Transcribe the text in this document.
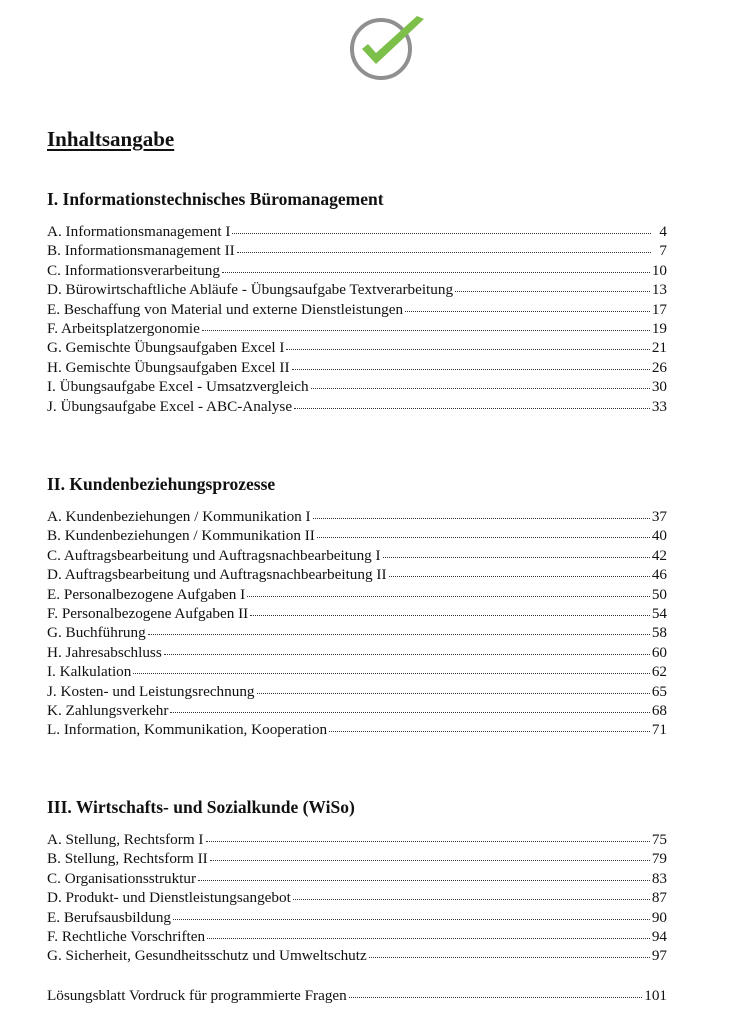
Inhaltsangabe
I. Informationstechnisches Büromanagement
A. Informationsmanagement I	4
B. Informationsmanagement II	7
C. Informationsverarbeitung	10
D. Bürowirtschaftliche Abläufe - Übungsaufgabe Textverarbeitung	13
E. Beschaffung von Material und externe Dienstleistungen	17
F. Arbeitsplatzergonomie	19
G. Gemischte Übungsaufgaben Excel I	21
H. Gemischte Übungsaufgaben Excel II	26
I. Übungsaufgabe Excel - Umsatzvergleich	30
J. Übungsaufgabe Excel - ABC-Analyse	33
II. Kundenbeziehungsprozesse
A. Kundenbeziehungen / Kommunikation I	37
B. Kundenbeziehungen / Kommunikation II	40
C. Auftragsbearbeitung und Auftragsnachbearbeitung I	42
D. Auftragsbearbeitung und Auftragsnachbearbeitung II	46
E. Personalbezogene Aufgaben I	50
F. Personalbezogene Aufgaben II	54
G. Buchführung	58
H. Jahresabschluss	60
I. Kalkulation	62
J. Kosten- und Leistungsrechnung	65
K. Zahlungsverkehr	68
L. Information, Kommunikation, Kooperation	71
III. Wirtschafts- und Sozialkunde (WiSo)
A. Stellung, Rechtsform I	75
B. Stellung, Rechtsform II	79
C. Organisationsstruktur	83
D. Produkt- und Dienstleistungsangebot	87
E. Berufsausbildung	90
F. Rechtliche Vorschriften	94
G. Sicherheit, Gesundheitsschutz und Umweltschutz	97
Lösungsblatt Vordruck für programmierte Fragen	101
